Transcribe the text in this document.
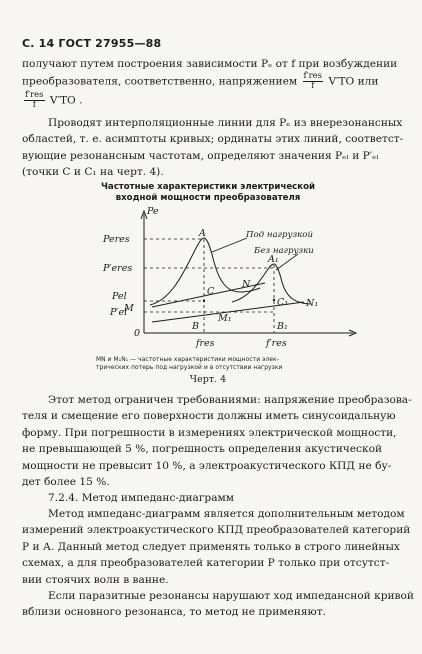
С. 14 ГОСТ 27955—88
получают путем построения зависимости Pₑ от f при возбуждении
преобразователя, соответственно, напряжением $\frac{\text{f′res}}{f} V'TO$ или
$\frac{\text{f′res}}{f} V'TO$ .
Проводят интерполяционные линии для Pₑ из внерезонансных
областей, т. е. асимптоты кривых; ординаты этих линий, соответст-
вующие резонансным частотам, определяют значения Pₑₗ и P′ₑₗ
(точки C и C₁ на черт. 4).
Частотные характеристики электрической
входной мощности преобразователя
Pe
Peres
P′eres
Pel
P′el
M
0
A
A₁
C
C₁
N
N₁
M₁
B	B₁
fres	f′res
Под нагрузкой
Без нагрузки
MN и M₁N₁ — частотные характеристики мощности элек-
трических потерь под нагрузкой и в отсутствии нагрузки
Черт. 4
Этот метод ограничен требованиями: напряжение преобразова-
теля и смещение его поверхности должны иметь синусоидальную
форму. При погрешности в измерениях электрической мощности,
не превышающей 5 %, погрешность определения акустической
мощности не превысит 10 %, а электроакустического КПД не бу-
дет более 15 %.
7.2.4. Метод импеданс-диаграмм
Метод импеданс-диаграмм является дополнительным методом
измерений электроакустического КПД преобразователей категорий
Р и А. Данный метод следует применять только в строго линейных
схемах, а для преобразователей категории Р только при отсутст-
вии стоячих волн в ванне.
Если паразитные резонансы нарушают ход импедансной кривой
вблизи основного резонанса, то метод не применяют.
